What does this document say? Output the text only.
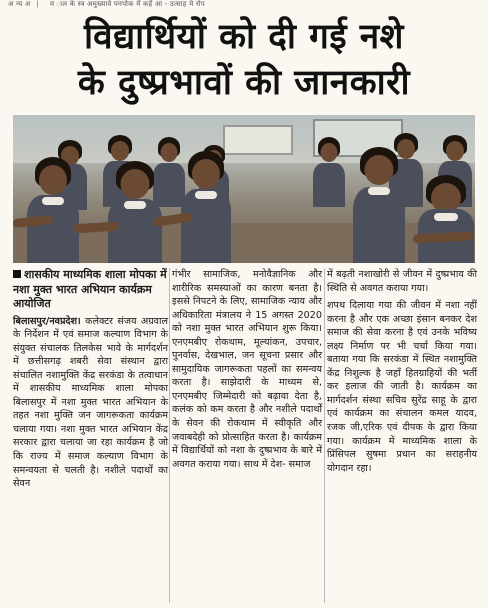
अ न्य अ |  म ाल के स्त्र अमुख्यावे पनपोक में कहें आ - उत्साह मे रोप
विद्यार्थियों को दी गई नशे
के दुष्प्रभावों की जानकारी
शासकीय माध्यमिक शाला मोपका में नशा मुक्त भारत अभियान कार्यक्रम आयोजित

बिलासपुर/नवप्रदेश। कलेक्टर संजय अग्रवाल के निर्देशन में एवं समाज कल्याण विभाग के संयुक्त संचालक तिलकेस भावे के मार्गदर्शन में छत्तीसगढ़ शबरी सेवा संस्थान द्वारा संचालित नशामुक्ति केंद्र सरकंडा के तत्वाधान में शासकीय माध्यमिक शाला मोपका बिलासपुर में नशा मुक्त भारत अभियान के तहत नशा मुक्ति जन जागरूकता कार्यक्रम चलाया गया। नशा मुक्त भारत अभियान केंद्र सरकार द्वारा चलाया जा रहा कार्यक्रम है जो कि राज्य में समाज कल्याण विभाग के समन्वयता से चलती है। नशीले पदार्थों का सेवन

गंभीर सामाजिक, मनोवैज्ञानिक और शारीरिक समस्याओं का कारण बनता है। इससे निपटने के लिए, सामाजिक न्याय और अधिकारिता मंत्रालय ने 15 अगस्त 2020 को नशा मुक्त भारत अभियान शुरू किया। एनएमबीए रोकथाम, मूल्यांकन, उपचार, पुनर्वास, देखभाल, जन सूचना प्रसार और सामुदायिक जागरूकता पहलों का समन्वय करता है। साझेदारी के माध्यम से, एनएमबीए जिम्मेदारी को बढ़ावा देता है, कलंक को कम करता है और नशीले पदार्थों के सेवन की रोकथाम में स्वीकृति और जवाबदेही को प्रोत्साहित करता है। कार्यक्रम में विद्यार्थियों को नशा के दुष्प्रभाव के बारे में अवगत कराया गया। साथ में देश- समाज

में बढ़ती नशाखोरी से जीवन में दुष्प्रभाव की स्थिति से अवगत कराया गया।

शपथ दिलाया गया की जीवन में नशा नहीं करना है और एक अच्छा इंसान बनकर देश समाज की सेवा करना है एवं उनके भविष्य लक्ष्य निर्माण पर भी चर्चा किया गया। बताया गया कि सरकंडा में स्थित नशामुक्ति केंद्र निशुल्क है जहाँ हितग्राहियों की भर्ती कर इलाज की जाती है। कार्यक्रम का मार्गदर्शन संस्था सचिव सुरेंद्र साहू के द्वारा एवं कार्यक्रम का संचालन कमल यादव, रजक जी,एरिक एवं दीपक के द्वारा किया गया। कार्यक्रम में माध्यमिक शाला के प्रिंसिपल सुषमा प्रधान का सराहनीय योगदान रहा।
